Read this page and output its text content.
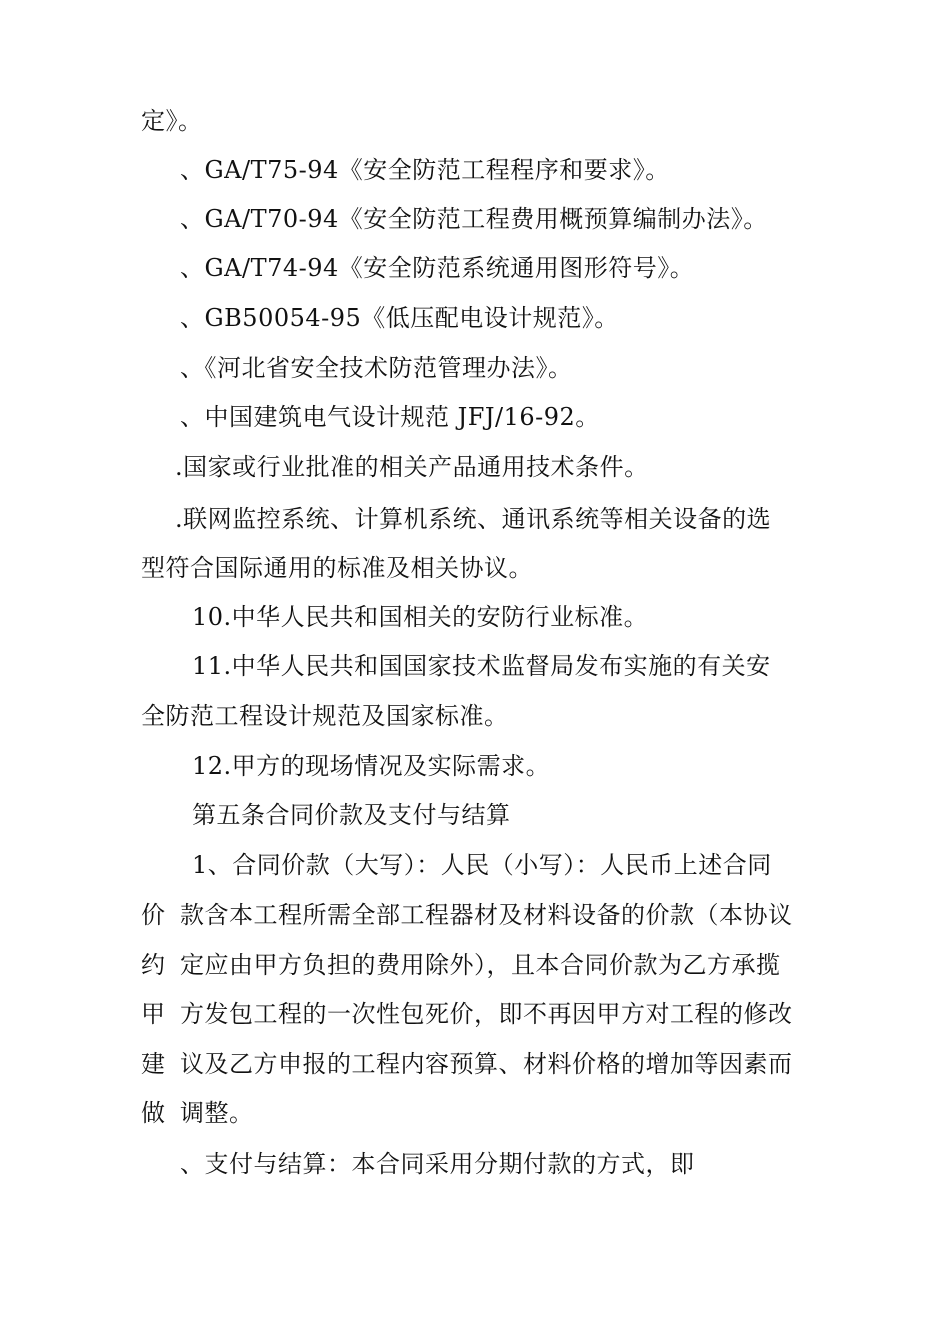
定》。
、GA/T75-94《安全防范工程程序和要求》。
、GA/T70-94《安全防范工程费用概预算编制办法》。
、GA/T74-94《安全防范系统通用图形符号》。
、GB50054-95《低压配电设计规范》。
、《河北省安全技术防范管理办法》。
、中国建筑电气设计规范 JFJ/16-92。
.国家或行业批准的相关产品通用技术条件。
.联网监控系统、计算机系统、通讯系统等相关设备的选
型符合国际通用的标准及相关协议。
10.中华人民共和国相关的安防行业标准。
11.中华人民共和国国家技术监督局发布实施的有关安
全防范工程设计规范及国家标准。
12.甲方的现场情况及实际需求。
第五条合同价款及支付与结算
1、合同价款（大写）：人民（小写）：人民币上述合同
价
约
甲
建
做
款含本工程所需全部工程器材及材料设备的价款（本协议
定应由甲方负担的费用除外），且本合同价款为乙方承揽
方发包工程的一次性包死价，即不再因甲方对工程的修改
议及乙方申报的工程内容预算、材料价格的增加等因素而
调整。
、支付与结算：本合同采用分期付款的方式，即
